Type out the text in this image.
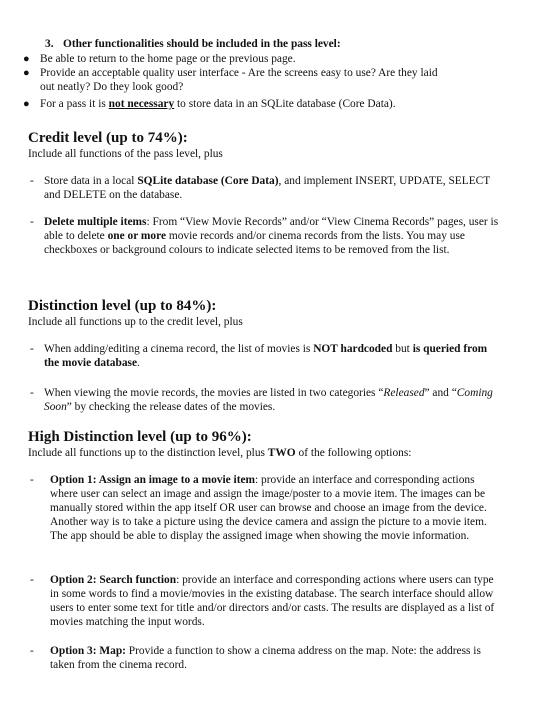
3. Other functionalities should be included in the pass level:
● Be able to return to the home page or the previous page.
● Provide an acceptable quality user interface - Are the screens easy to use? Are they laid out neatly? Do they look good?
● For a pass it is not necessary to store data in an SQLite database (Core Data).
Credit level (up to 74%):
Include all functions of the pass level, plus
- Store data in a local SQLite database (Core Data), and implement INSERT, UPDATE, SELECT and DELETE on the database.
- Delete multiple items: From “View Movie Records” and/or “View Cinema Records” pages, user is able to delete one or more movie records and/or cinema records from the lists. You may use checkboxes or background colours to indicate selected items to be removed from the list.
Distinction level (up to 84%):
Include all functions up to the credit level, plus
- When adding/editing a cinema record, the list of movies is NOT hardcoded but is queried from the movie database.
- When viewing the movie records, the movies are listed in two categories “Released” and “Coming Soon” by checking the release dates of the movies.
High Distinction level (up to 96%):
Include all functions up to the distinction level, plus TWO of the following options:
- Option 1: Assign an image to a movie item: provide an interface and corresponding actions where user can select an image and assign the image/poster to a movie item. The images can be manually stored within the app itself OR user can browse and choose an image from the device. Another way is to take a picture using the device camera and assign the picture to a movie item. The app should be able to display the assigned image when showing the movie information.
- Option 2: Search function: provide an interface and corresponding actions where users can type in some words to find a movie/movies in the existing database. The search interface should allow users to enter some text for title and/or directors and/or casts. The results are displayed as a list of movies matching the input words.
- Option 3: Map: Provide a function to show a cinema address on the map. Note: the address is taken from the cinema record.
